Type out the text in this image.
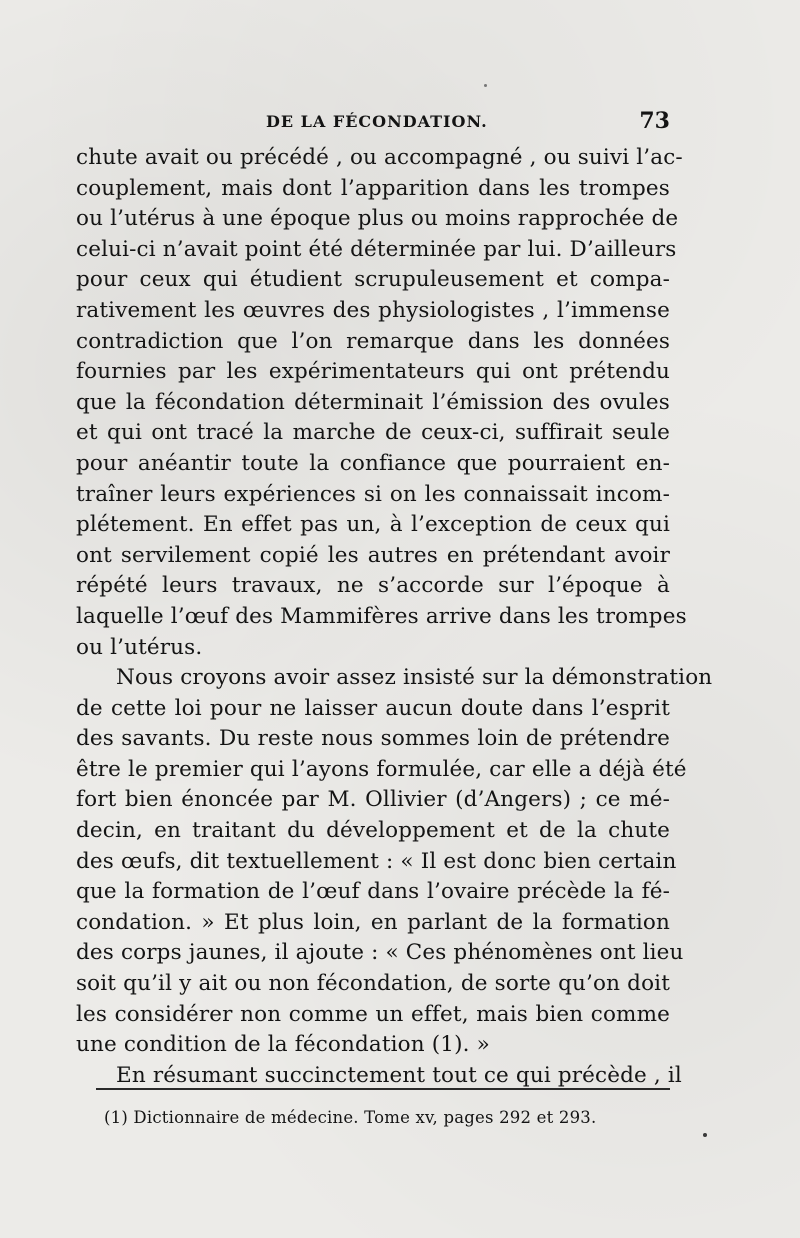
DE LA FÉCONDATION.	73
chute avait ou précédé , ou accompagné , ou suivi l’ac-
couplement, mais dont l’apparition dans les trompes
ou l’utérus à une époque plus ou moins rapprochée de
celui-ci n’avait point été déterminée par lui. D’ailleurs
pour ceux qui étudient scrupuleusement et compa-
rativement les œuvres des physiologistes , l’immense
contradiction que l’on remarque dans les données
fournies par les expérimentateurs qui ont prétendu
que la fécondation déterminait l’émission des ovules
et qui ont tracé la marche de ceux-ci, suffirait seule
pour anéantir toute la confiance que pourraient en-
traîner leurs expériences si on les connaissait incom-
plétement. En effet pas un, à l’exception de ceux qui
ont servilement copié les autres en prétendant avoir
répété leurs travaux, ne s’accorde sur l’époque à
laquelle l’œuf des Mammifères arrive dans les trompes
ou l’utérus.
Nous croyons avoir assez insisté sur la démonstration
de cette loi pour ne laisser aucun doute dans l’esprit
des savants. Du reste nous sommes loin de prétendre
être le premier qui l’ayons formulée, car elle a déjà été
fort bien énoncée par M. Ollivier (d’Angers) ; ce mé-
decin, en traitant du développement et de la chute
des œufs, dit textuellement : « Il est donc bien certain
que la formation de l’œuf dans l’ovaire précède la fé-
condation. » Et plus loin, en parlant de la formation
des corps jaunes, il ajoute : « Ces phénomènes ont lieu
soit qu’il y ait ou non fécondation, de sorte qu’on doit
les considérer non comme un effet, mais bien comme
une condition de la fécondation (1). »
En résumant succinctement tout ce qui précède , il
(1) Dictionnaire de médecine. Tome xv, pages 292 et 293.
